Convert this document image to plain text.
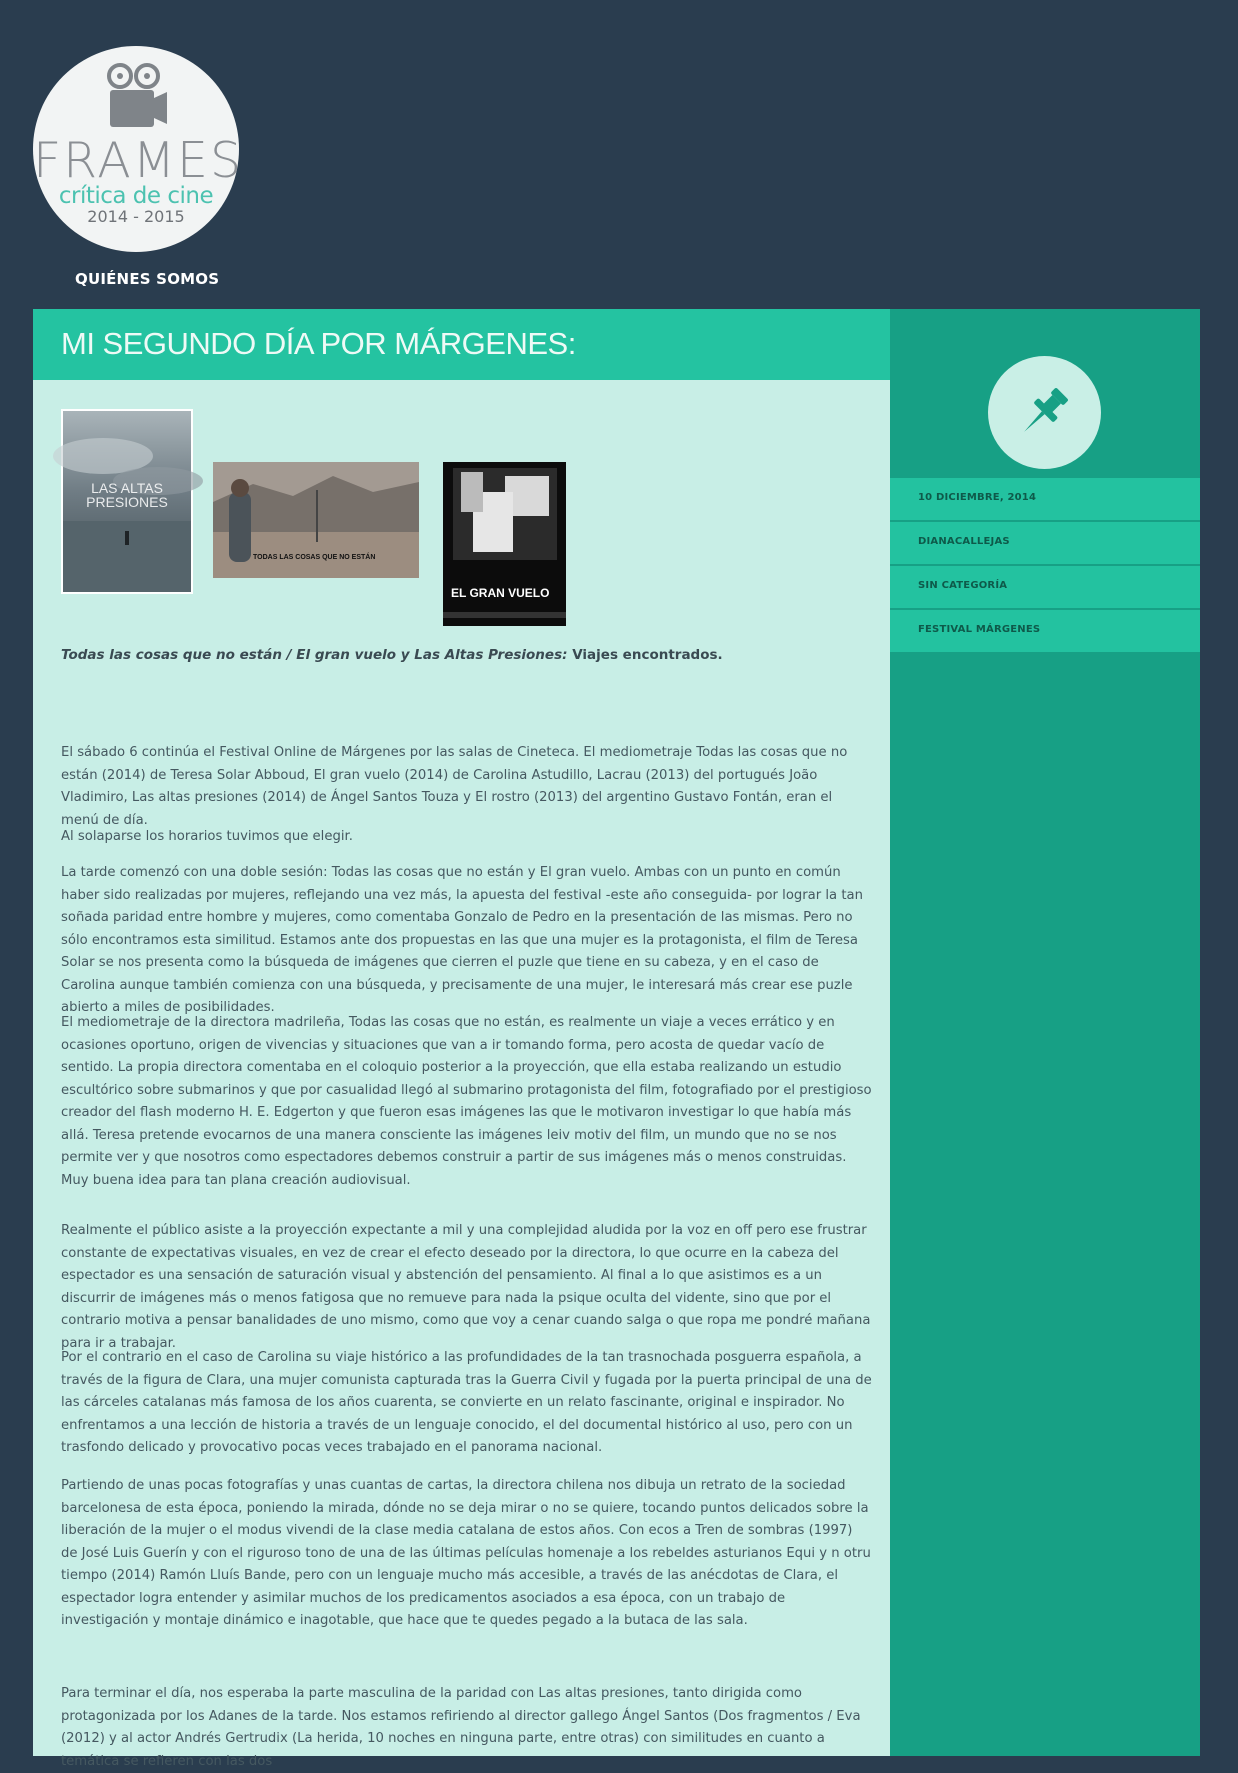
FRAMES
crítica de cine
2014 - 2015
QUIÉNES SOMOS
MI SEGUNDO DÍA POR MÁRGENES:
LAS ALTAS PRESIONES
TODAS LAS COSAS QUE NO ESTÁN
EL GRAN VUELO
Todas las cosas que no están / El gran vuelo y Las Altas Presiones: Viajes encontrados.

El sábado 6 continúa el Festival Online de Márgenes por las salas de Cineteca. El mediometraje Todas las cosas que no están (2014) de Teresa Solar Abboud, El gran vuelo (2014) de Carolina Astudillo, Lacrau (2013) del portugués João Vladimiro, Las altas presiones (2014) de Ángel Santos Touza y El rostro (2013) del argentino Gustavo Fontán, eran el menú de día.

Al solaparse los horarios tuvimos que elegir.

La tarde comenzó con una doble sesión: Todas las cosas que no están y El gran vuelo. Ambas con un punto en común haber sido realizadas por mujeres, reflejando una vez más, la apuesta del festival -este año conseguida- por lograr la tan soñada paridad entre hombre y mujeres, como comentaba Gonzalo de Pedro en la presentación de las mismas. Pero no sólo encontramos esta similitud. Estamos ante dos propuestas en las que una mujer es la protagonista, el film de Teresa Solar se nos presenta como la búsqueda de imágenes que cierren el puzle que tiene en su cabeza, y en el caso de Carolina aunque también comienza con una búsqueda, y precisamente de una mujer, le interesará más crear ese puzle abierto a miles de posibilidades.

El mediometraje de la directora madrileña, Todas las cosas que no están, es realmente un viaje a veces errático y en ocasiones oportuno, origen de vivencias y situaciones que van a ir tomando forma, pero acosta de quedar vacío de sentido. La propia directora comentaba en el coloquio posterior a la proyección, que ella estaba realizando un estudio escultórico sobre submarinos y que por casualidad llegó al submarino protagonista del film, fotografiado por el prestigioso creador del flash moderno H. E. Edgerton y que fueron esas imágenes las que le motivaron investigar lo que había más allá. Teresa pretende evocarnos de una manera consciente las imágenes leiv motiv del film, un mundo que no se nos permite ver y que nosotros como espectadores debemos construir a partir de sus imágenes más o menos construidas. Muy buena idea para tan plana creación audiovisual.

Realmente el público asiste a la proyección expectante a mil y una complejidad aludida por la voz en off pero ese frustrar constante de expectativas visuales, en vez de crear el efecto deseado por la directora, lo que ocurre en la cabeza del espectador es una sensación de saturación visual y abstención del pensamiento. Al final a lo que asistimos es a un discurrir de imágenes más o menos fatigosa que no remueve para nada la psique oculta del vidente, sino que por el contrario motiva a pensar banalidades de uno mismo, como que voy a cenar cuando salga o que ropa me pondré mañana para ir a trabajar.

Por el contrario en el caso de Carolina su viaje histórico a las profundidades de la tan trasnochada posguerra española, a través de la figura de Clara, una mujer comunista capturada tras la Guerra Civil y fugada por la puerta principal de una de las cárceles catalanas más famosa de los años cuarenta, se convierte en un relato fascinante, original e inspirador. No enfrentamos a una lección de historia a través de un lenguaje conocido, el del documental histórico al uso, pero con un trasfondo delicado y provocativo pocas veces trabajado en el panorama nacional.

Partiendo de unas pocas fotografías y unas cuantas de cartas, la directora chilena nos dibuja un retrato de la sociedad barcelonesa de esta época, poniendo la mirada, dónde no se deja mirar o no se quiere, tocando puntos delicados sobre la liberación de la mujer o el modus vivendi de la clase media catalana de estos años. Con ecos a Tren de sombras (1997) de José Luis Guerín y con el riguroso tono de una de las últimas películas homenaje a los rebeldes asturianos Equi y n otru tiempo (2014) Ramón Lluís Bande, pero con un lenguaje mucho más accesible, a través de las anécdotas de Clara, el espectador logra entender y asimilar muchos de los predicamentos asociados a esa época, con un trabajo de investigación y montaje dinámico e inagotable, que hace que te quedes pegado a la butaca de las sala.

Para terminar el día, nos esperaba la parte masculina de la paridad con Las altas presiones, tanto dirigida como protagonizada por los Adanes de la tarde. Nos estamos refiriendo al director gallego Ángel Santos (Dos fragmentos / Eva (2012) y al actor Andrés Gertrudix (La herida, 10 noches en ninguna parte, entre otras) con similitudes en cuanto a temática se refieren con las dos

10 DICIEMBRE, 2014
DIANACALLEJAS
SIN CATEGORÍA
FESTIVAL MÁRGENES
